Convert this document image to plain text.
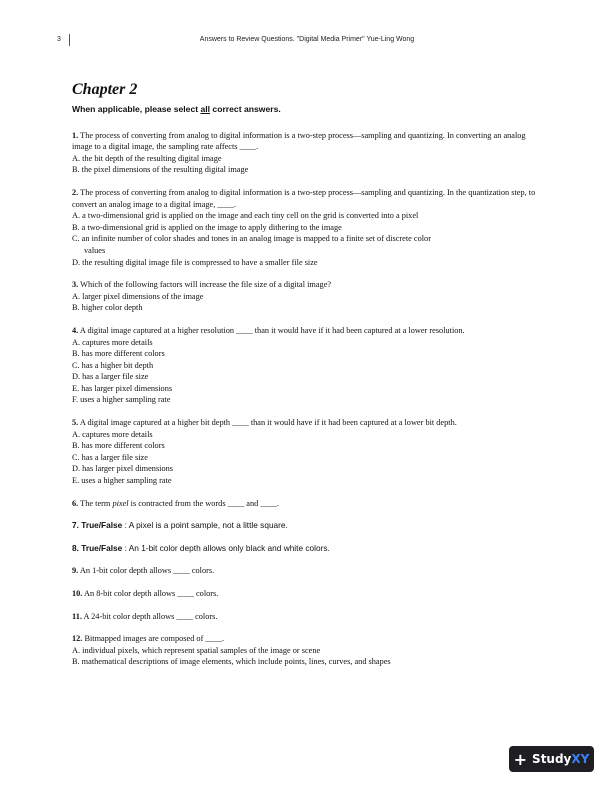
3	Answers to Review Questions. "Digital Media Primer" Yue-Ling Wong
Chapter 2

When applicable, please select all correct answers.

1. The process of converting from analog to digital information is a two-step process—sampling and quantizing. In converting an analog image to a digital image, the sampling rate affects ____.

A. the bit depth of the resulting digital image

B. the pixel dimensions of the resulting digital image

2. The process of converting from analog to digital information is a two-step process—sampling and quantizing. In the quantization step, to convert an analog image to a digital image, ____.

A. a two-dimensional grid is applied on the image and each tiny cell on the grid is converted into a pixel

B. a two-dimensional grid is applied on the image to apply dithering to the image

C. an infinite number of color shades and tones in an analog image is mapped to a finite set of discrete color

values

D. the resulting digital image file is compressed to have a smaller file size

3. Which of the following factors will increase the file size of a digital image?

A. larger pixel dimensions of the image

B. higher color depth

4. A digital image captured at a higher resolution ____ than it would have if it had been captured at a lower resolution.

A. captures more details

B. has more different colors

C. has a higher bit depth

D. has a larger file size

E. has larger pixel dimensions

F. uses a higher sampling rate

5. A digital image captured at a higher bit depth ____ than it would have if it had been captured at a lower bit depth.

A. captures more details

B. has more different colors

C. has a larger file size

D. has larger pixel dimensions

E. uses a higher sampling rate

6. The term pixel is contracted from the words ____ and ____.

7. True/False : A pixel is a point sample, not a little square.

8. True/False : An 1-bit color depth allows only black and white colors.

9. An 1-bit color depth allows ____ colors.

10. An 8-bit color depth allows ____ colors.

11. A 24-bit color depth allows ____ colors.

12. Bitmapped images are composed of ____.

A. individual pixels, which represent spatial samples of the image or scene

B. mathematical descriptions of image elements, which include points, lines, curves, and shapes

+ Study XY
